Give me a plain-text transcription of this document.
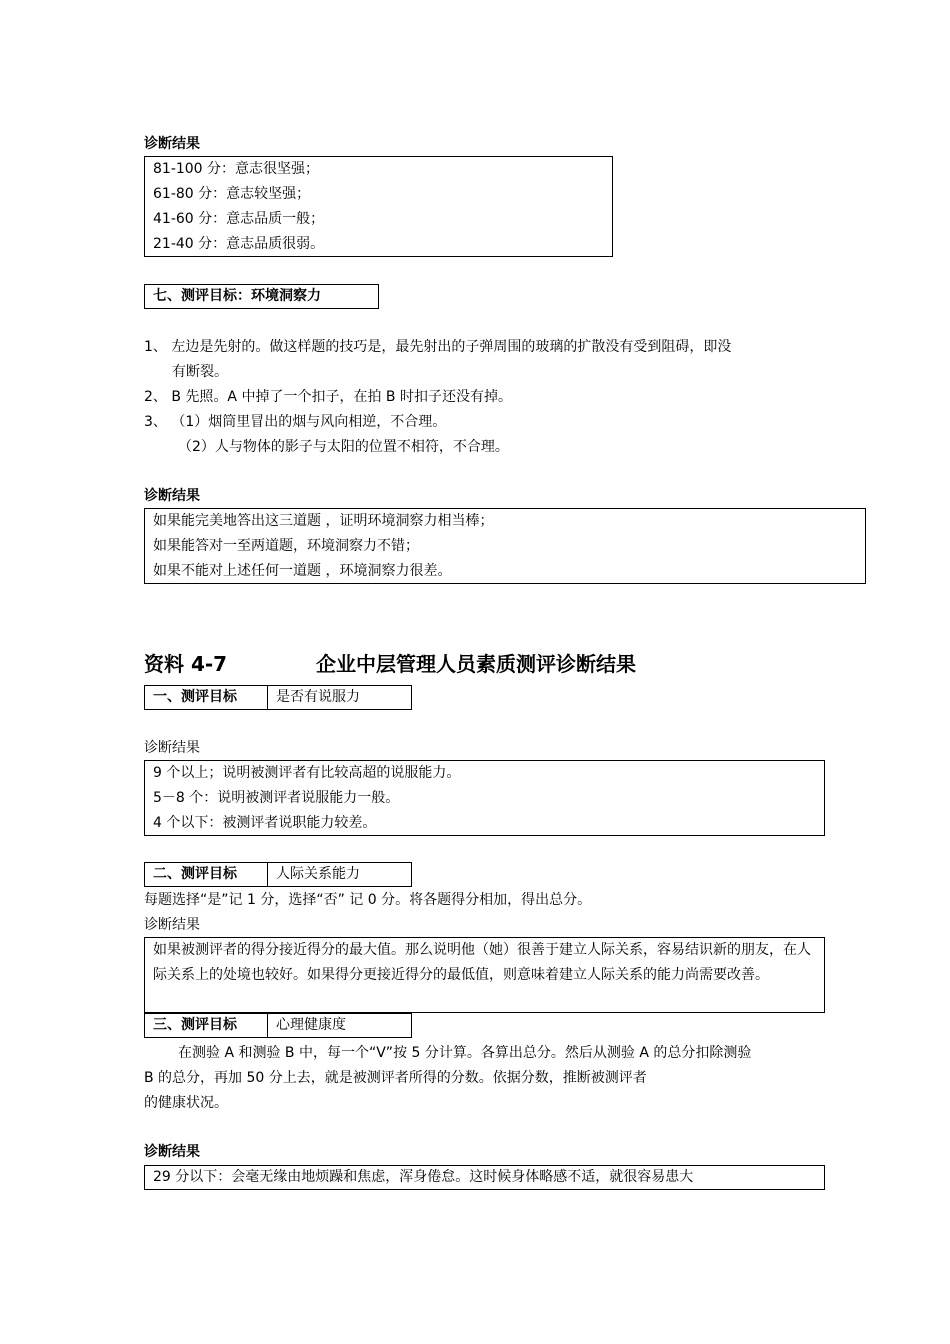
诊断结果
81-100 分：意志很坚强；
61-80 分：意志较坚强；
41-60 分：意志品质一般；
21-40 分：意志品质很弱。
七、测评目标：环境洞察力
1、 左边是先射的。做这样题的技巧是，最先射出的子弹周围的玻璃的扩散没有受到阻碍，即没
有断裂。
2、 B 先照。A 中掉了一个扣子，在拍 B 时扣子还没有掉。
3、 （1）烟筒里冒出的烟与风向相逆，不合理。
（2）人与物体的影子与太阳的位置不相符，不合理。
诊断结果
如果能完美地答出这三道题 ，证明环境洞察力相当棒；
如果能答对一至两道题，环境洞察力不错；
如果不能对上述任何一道题 ，环境洞察力很差。
资料 4-7	企业中层管理人员素质测评诊断结果
一、测评目标	是否有说服力
诊断结果
9 个以上；说明被测评者有比较高超的说服能力。
5－8 个：说明被测评者说服能力一般。
4 个以下：被测评者说职能力较差。
二、测评目标	人际关系能力
每题选择“是”记 1 分，选择“否” 记 0 分。将各题得分相加，得出总分。
诊断结果
如果被测评者的得分接近得分的最大值。那么说明他（她）很善于建立人际关系，容易结识新的朋友，在人际关系上的处境也较好。如果得分更接近得分的最低值，则意味着建立人际关系的能力尚需要改善。
三、测评目标	心理健康度
在测验 A 和测验 B 中，每一个“V”按 5 分计算。各算出总分。然后从测验 A 的总分扣除测验
B 的总分，再加 50 分上去，就是被测评者所得的分数。依据分数，推断被测评者
的健康状况。
诊断结果
29 分以下：会毫无缘由地烦躁和焦虑，浑身倦怠。这时候身体略感不适，就很容易患大
